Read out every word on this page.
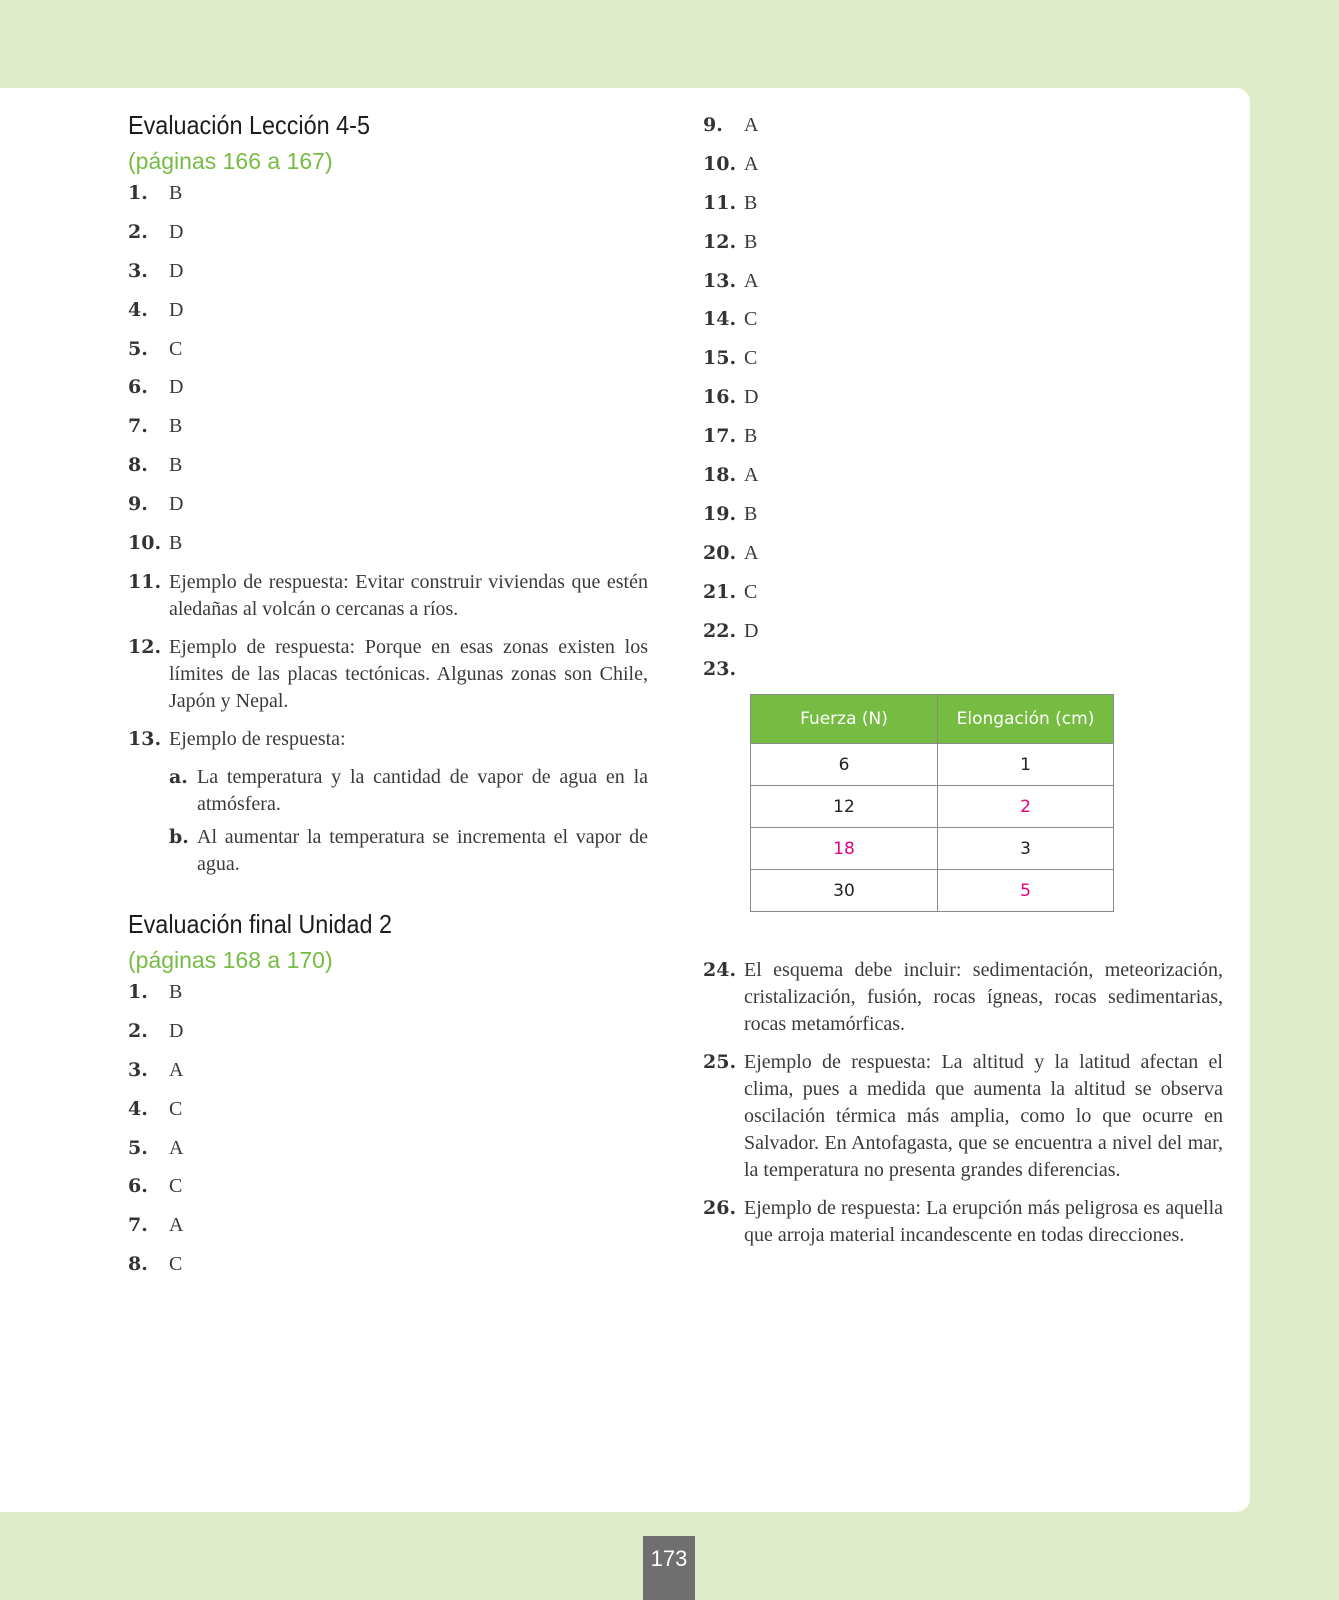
Evaluación Lección 4-5
(páginas 166 a 167)
1. B
2. D
3. D
4. D
5. C
6. D
7. B
8. B
9. D
10. B
11. Ejemplo de respuesta: Evitar construir viviendas que estén aledañas al volcán o cercanas a ríos.
12. Ejemplo de respuesta: Porque en esas zonas existen los límites de las placas tectónicas. Algunas zonas son Chile, Japón y Nepal.
13. Ejemplo de respuesta:
a. La temperatura y la cantidad de vapor de agua en la atmósfera.
b. Al aumentar la temperatura se incrementa el vapor de agua.
Evaluación final Unidad 2
(páginas 168 a 170)
1. B
2. D
3. A
4. C
5. A
6. C
7. A
8. C
9. A
10. A
11. B
12. B
13. A
14. C
15. C
16. D
17. B
18. A
19. B
20. A
21. C
22. D
23.
Fuerza (N)	Elongación (cm)
6	1
12	2
18	3
30	5
24. El esquema debe incluir: sedimentación, meteorización, cristalización, fusión, rocas ígneas, rocas sedimentarias, rocas metamórficas.
25. Ejemplo de respuesta: La altitud y la latitud afectan el clima, pues a medida que aumenta la altitud se observa oscilación térmica más amplia, como lo que ocurre en Salvador. En Antofagasta, que se encuentra a nivel del mar, la temperatura no presenta grandes diferencias.
26. Ejemplo de respuesta: La erupción más peligrosa es aquella que arroja material incandescente en todas direcciones.
173
